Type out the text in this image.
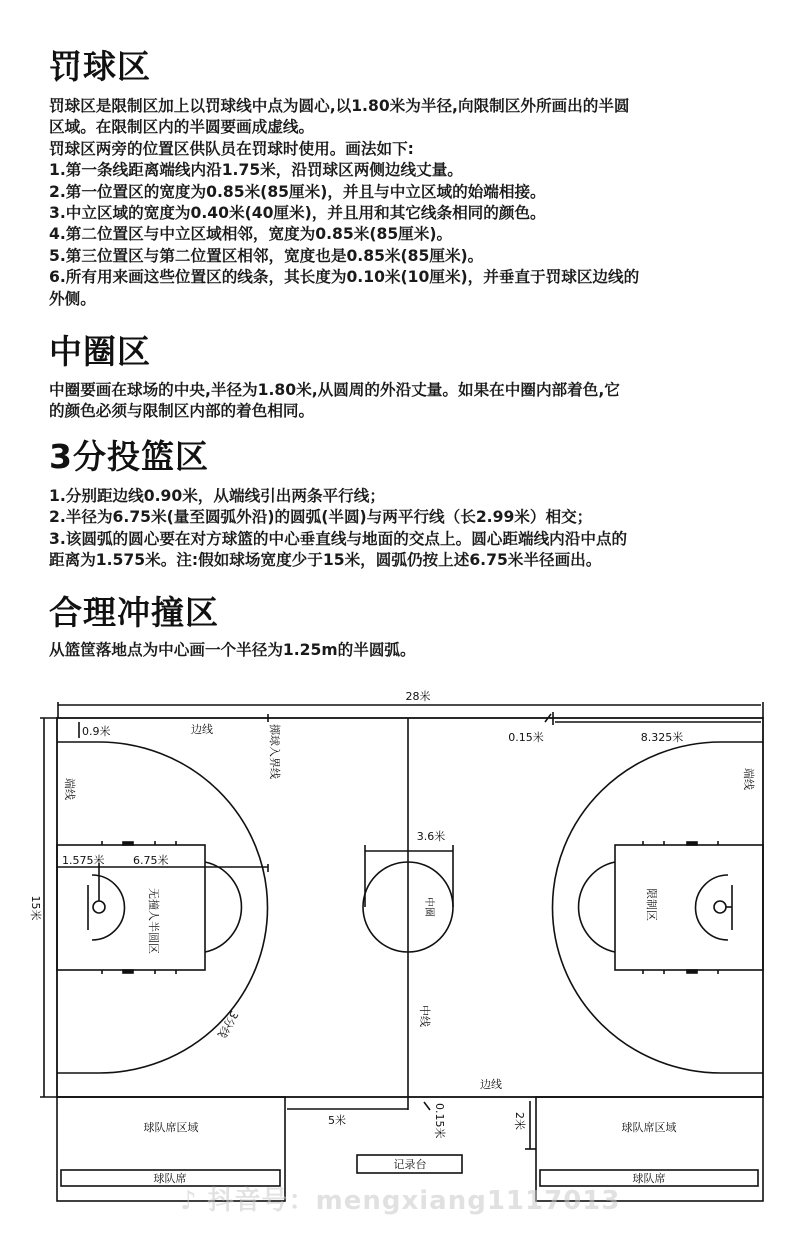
罚球区
罚球区是限制区加上以罚球线中点为圆心,以1.80米为半径,向限制区外所画出的半圆
区域。在限制区内的半圆要画成虚线。
罚球区两旁的位置区供队员在罚球时使用。画法如下:
1.第一条线距离端线内沿1.75米，沿罚球区两侧边线丈量。
2.第一位置区的宽度为0.85米(85厘米)，并且与中立区域的始端相接。
3.中立区域的宽度为0.40米(40厘米)，并且用和其它线条相同的颜色。
4.第二位置区与中立区域相邻，宽度为0.85米(85厘米)。
5.第三位置区与第二位置区相邻，宽度也是0.85米(85厘米)。
6.所有用来画这些位置区的线条，其长度为0.10米(10厘米)，并垂直于罚球区边线的
外侧。
中圈区
中圈要画在球场的中央,半径为1.80米,从圆周的外沿丈量。如果在中圈内部着色,它
的颜色必须与限制区内部的着色相同。
3分投篮区
1.分别距边线0.90米，从端线引出两条平行线；
2.半径为6.75米(量至圆弧外沿)的圆弧(半圆)与两平行线（长2.99米）相交；
3.该圆弧的圆心要在对方球篮的中心垂直线与地面的交点上。圆心距端线内沿中点的
距离为1.575米。注:假如球场宽度少于15米，圆弧仍按上述6.75米半径画出。
合理冲撞区
从篮筐落地点为中心画一个半径为1.25m的半圆弧。
28米
15米
0.9米	边线	掷球入界线
端线	端线
0.15米	8.325米
3.6米
中圈
1.575米	6.75米
无撞人半圆区	限制区
3分线	中线
边线
5米	0.15米	2米
球队席区域	球队席区域
球队席	球队席
记录台
♪ 抖音号：mengxiang1117013
